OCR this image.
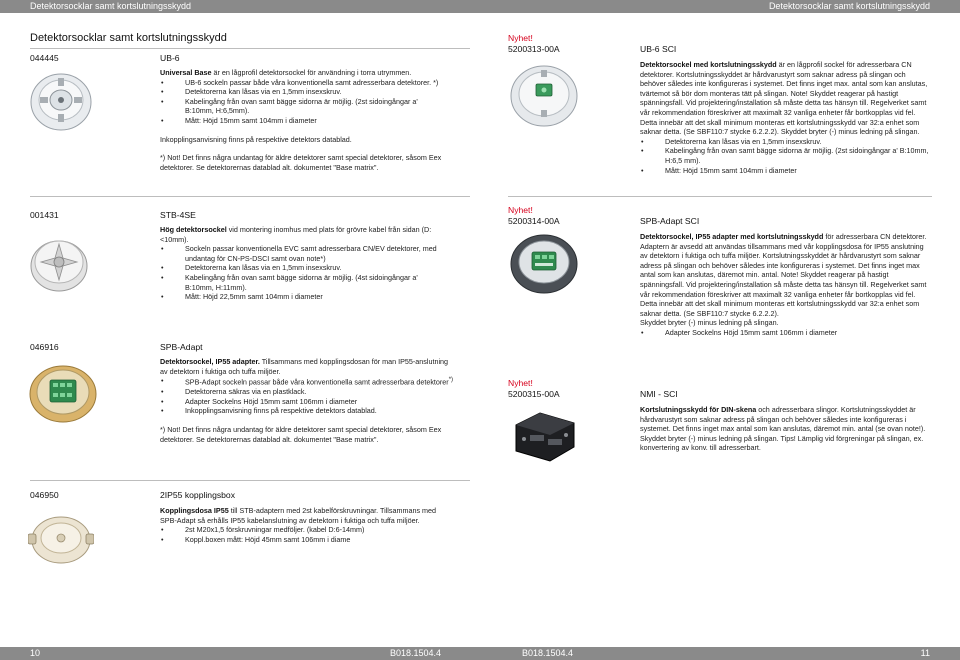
Detektorsocklar samt kortslutningsskydd	Detektorsocklar samt kortslutningsskydd
Detektorsocklar samt kortslutningsskydd
044445	UB-6

Universal Base är en lågprofil detektorsockel för användning i torra utrymmen.

• UB-6 sockeln passar både våra konventionella samt adresserbara detektorer. *)
• Detektorerna kan låsas via en 1,5mm insexskruv.
• Kabelingång från ovan samt bägge sidorna är möjlig. (2st sidoingångar a' B:10mm, H:6,5mm).
• Mått: Höjd 15mm samt 104mm i diameter

Inkopplingsanvisning finns på respektive detektors datablad.

*) Not! Det finns några undantag för äldre detektorer samt special detektorer, såsom Eex detektorer. Se detektorernas datablad alt. dokumentet "Base matrix".

001431	STB-4SE

Hög detektorsockel vid montering inomhus med plats för grövre kabel från sidan (D:<10mm).

• Sockeln passar konventionella EVC samt adresserbara CN/EV detektorer, med undantag för CN-PS-DSCI samt ovan note*)
• Detektorerna kan låsas via en 1,5mm insexskruv.
• Kabelingång från ovan samt bägge sidorna är möjlig. (4st sidoingångar a' B:10mm, H:11mm).
• Mått: Höjd 22,5mm samt 104mm i diameter
046916	SPB-Adapt

Detektorsockel, IP55 adapter. Tillsammans med kopplingsdosan för man IP55-anslutning av detektorn i fuktiga och tuffa miljöer.

• SPB-Adapt sockeln passar både våra konventionella samt adresserbara detektorer*)
• Detektorerna säkras via en plastklack.
• Adapter Sockelns Höjd 15mm samt 106mm i diameter
• Inkopplingsanvisning finns på respektive detektors datablad.

*) Not! Det finns några undantag för äldre detektorer samt special detektorer, såsom Eex detektorer. Se detektorernas datablad alt. dokumentet "Base matrix".

046950	2IP55 kopplingsbox

Kopplingsdosa IP55 till STB-adaptern med 2st kabelförskruvningar. Tillsammans med SPB-Adapt så erhålls IP55 kabelanslutning av detektorn i fuktiga och tuffa miljöer.

• 2st M20x1,5 förskruvningar medföljer. (kabel D:6-14mm)
• Koppl.boxen mått: Höjd 45mm samt 106mm i diame
Nyhet!
5200313-00A	UB-6 SCI

Detektorsockel med kortslutningsskydd är en lågprofil sockel för adresserbara CN detektorer. Kortslutningsskyddet är hårdvarustyrt som saknar adress på slingan och behöver således inte konfigureras i systemet. Det finns inget max. antal som kan anslutas, tvärtemot så bör dom monteras tätt på slingan. Note! Skyddet reagerar på hastigt spänningsfall. Vid projektering/installation så måste detta tas hänsyn till. Regelverket samt vår rekommendation föreskriver att maximalt 32 vanliga enheter får bortkopplas vid fel. Detta innebär att det skall minimum monteras ett kortslutningsskydd var 32:a enhet som saknar detta. (Se SBF110:7 stycke 6.2.2.2). Skyddet bryter (-) minus ledning på slingan.

• Detektorerna kan låsas via en 1,5mm insexskruv.
• Kabelingång från ovan samt bägge sidorna är möjlig. (2st sidoingångar a' B:10mm, H:6,5 mm).
• Mått: Höjd 15mm samt 104mm i diameter
Nyhet!
5200314-00A	SPB-Adapt SCI

Detektorsockel, IP55 adapter med kortslutningsskydd för adresserbara CN detektorer. Adaptern är avsedd att användas tillsammans med vår kopplingsdosa för IP55 anslutning av detektorn i fuktiga och tuffa miljöer. Kortslutningsskyddet är hårdvarustyrt som saknar adress på slingan och behöver således inte konfigureras i systemet. Det finns inget max antal som kan anslutas, däremot min. antal. Note! Skyddet reagerar på hastigt spänningsfall. Vid projektering/installation så måste detta tas hänsyn till. Regelverket samt vår rekommendation föreskriver att maximalt 32 vanliga enheter får bortkopplas vid fel. Detta innebär att det skall minimum monteras ett kortslutningsskydd var 32:a enhet som saknar detta. (Se SBF110:7 stycke 6.2.2.2).

Skyddet bryter (-) minus ledning på slingan.

• Adapter Sockelns Höjd 15mm samt 106mm i diameter
Nyhet!
5200315-00A	NMI - SCI

Kortslutningsskydd för DIN-skena och adresserbara slingor. Kortslutningsskyddet är hårdvarustyrt som saknar adress på slingan och behöver således inte konfigureras i systemet. Det finns inget max antal som kan anslutas, däremot min. antal (se ovan note!). Skyddet bryter (-) minus ledning på slingan. Tips! Lämplig vid förgreningar på slingan, ex. konvertering av konv. till adresserbart.

10	B018.1504.4	B018.1504.4	11
